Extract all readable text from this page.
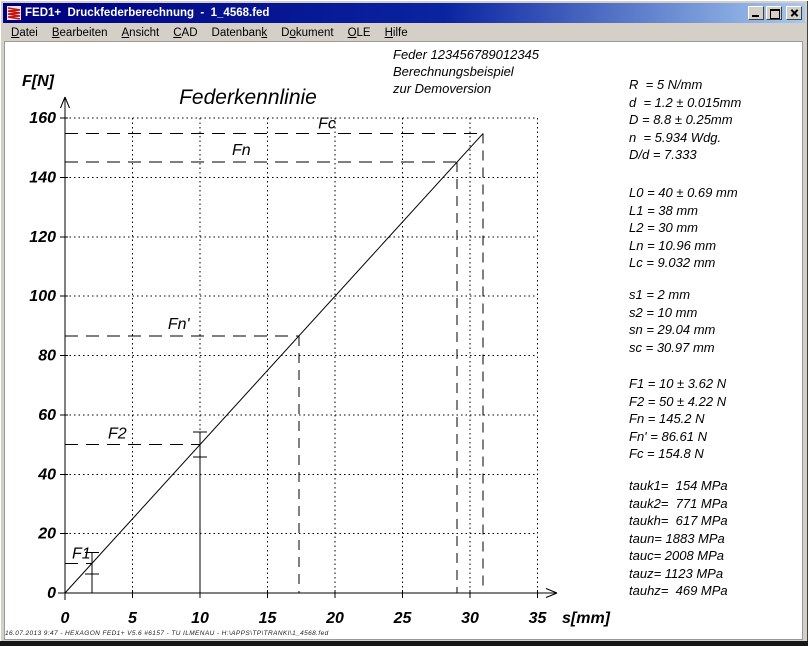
FED1+  Druckfederberechnung  -  1_4568.fed
Datei	Bearbeiten	Ansicht	CAD	Datenbank	Dokument	OLE	Hilfe
Feder 123456789012345
Berechnungsbeispiel
zur Demoversion
F1
F2
Fn'
Fn
Fc
0	5	10	15	20	25	30	35
0
20
40
60
80
100
120
140
160
Federkennlinie
F[N]
s[mm]
R  = 5 N/mm
d  = 1.2 ± 0.015mm
D = 8.8 ± 0.25mm
n  = 5.934 Wdg.
D/d = 7.333
L0 = 40 ± 0.69 mm
L1 = 38 mm
L2 = 30 mm
Ln = 10.96 mm
Lc = 9.032 mm
s1 = 2 mm
s2 = 10 mm
sn = 29.04 mm
sc = 30.97 mm
F1 = 10 ± 3.62 N
F2 = 50 ± 4.22 N
Fn = 145.2 N
Fn' = 86.61 N
Fc = 154.8 N
tauk1=  154 MPa
tauk2=  771 MPa
taukh=  617 MPa
taun= 1883 MPa
tauc= 2008 MPa
tauz= 1123 MPa
tauhz=  469 MPa
16.07.2013 9:47 - HEXAGON FED1+ V5.6 #6157 - TU ILMENAU - H:\APPS\TP\TRANKI\1_4568.fed
